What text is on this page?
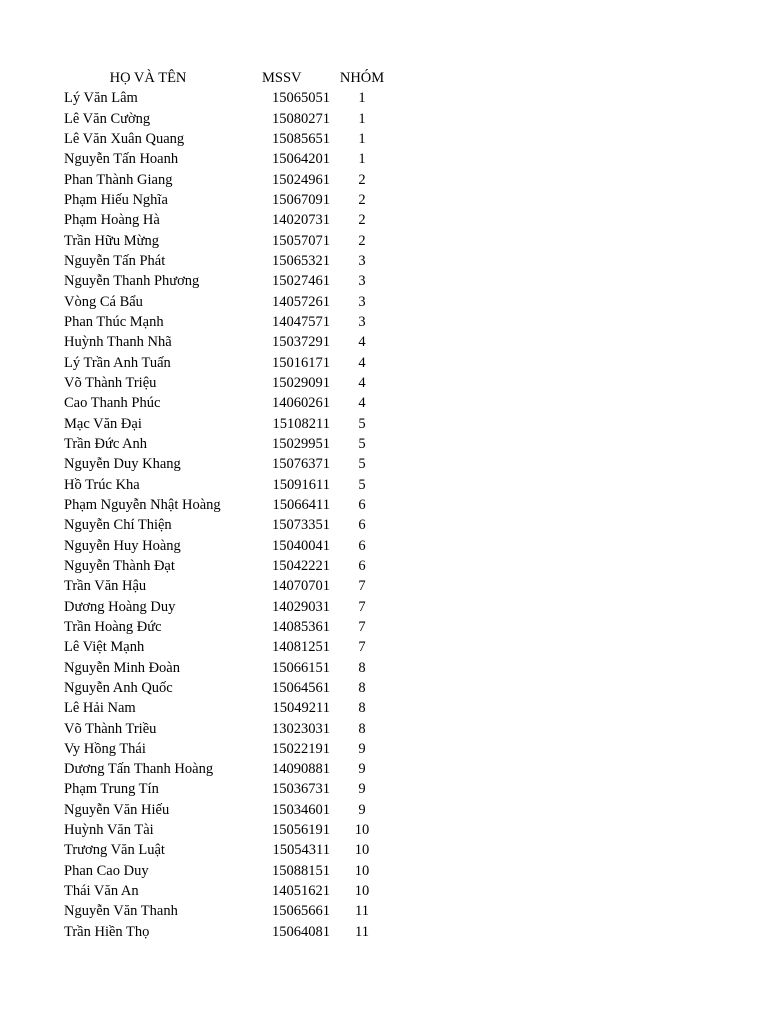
HỌ VÀ TÊN	MSSV	NHÓM
Lý Văn Lâm	15065051	1
Lê Văn Cường	15080271	1
Lê Văn Xuân Quang	15085651	1
Nguyễn Tấn Hoanh	15064201	1
Phan Thành Giang	15024961	2
Phạm Hiếu Nghĩa	15067091	2
Phạm Hoàng Hà	14020731	2
Trần Hữu Mừng	15057071	2
Nguyễn Tấn Phát	15065321	3
Nguyễn Thanh Phương	15027461	3
Vòng Cá Bẩu	14057261	3
Phan Thúc Mạnh	14047571	3
Huỳnh Thanh Nhã	15037291	4
Lý Trần Anh Tuấn	15016171	4
Võ Thành Triệu	15029091	4
Cao Thanh Phúc	14060261	4
Mạc Văn Đại	15108211	5
Trần Đức Anh	15029951	5
Nguyễn Duy Khang	15076371	5
Hồ Trúc Kha	15091611	5
Phạm Nguyễn Nhật Hoàng	15066411	6
Nguyễn Chí Thiện	15073351	6
Nguyễn Huy Hoàng	15040041	6
Nguyễn Thành Đạt	15042221	6
Trần Văn Hậu	14070701	7
Dương Hoàng Duy	14029031	7
Trần Hoàng Đức	14085361	7
Lê Việt Mạnh	14081251	7
Nguyễn Minh Đoàn	15066151	8
Nguyễn Anh Quốc	15064561	8
Lê Hải Nam	15049211	8
Võ Thành Triều	13023031	8
Vy Hồng Thái	15022191	9
Dương Tấn Thanh Hoàng	14090881	9
Phạm Trung Tín	15036731	9
Nguyễn Văn Hiếu	15034601	9
Huỳnh Văn Tài	15056191	10
Trương Văn Luật	15054311	10
Phan Cao Duy	15088151	10
Thái Văn An	14051621	10
Nguyễn Văn Thanh	15065661	11
Trần Hiền Thọ	15064081	11
